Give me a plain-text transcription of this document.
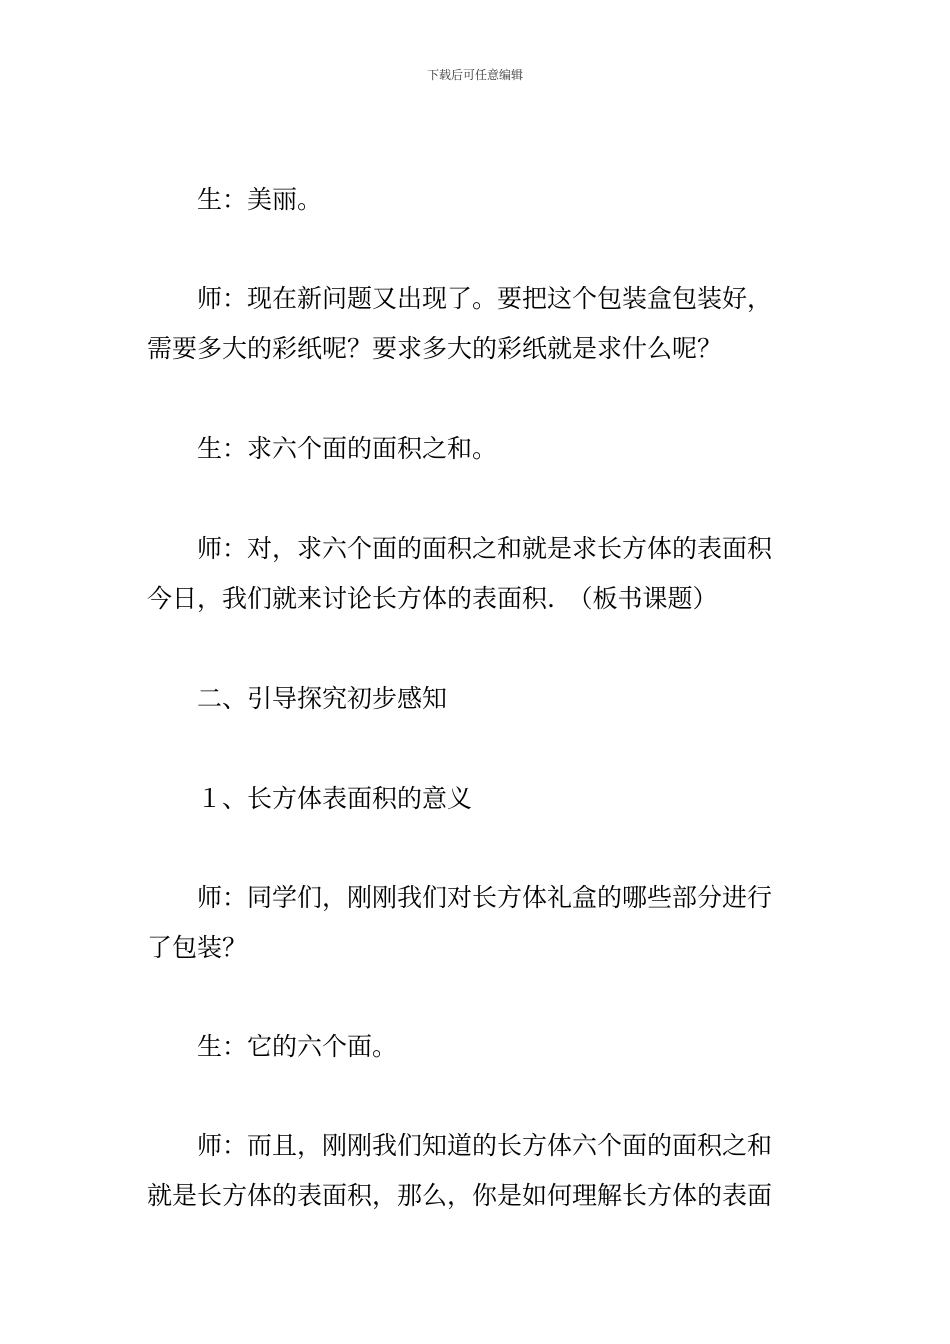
下载后可任意编辑
生：美丽。
师：现在新问题又出现了。要把这个包装盒包装好，
需要多大的彩纸呢？要求多大的彩纸就是求什么呢？
生：求六个面的面积之和。
师：对，求六个面的面积之和就是求长方体的表面积
今日，我们就来讨论长方体的表面积.　（板书课题）
二、引导探究初步感知
１、长方体表面积的意义
师：同学们，刚刚我们对长方体礼盒的哪些部分进行
了包装？
生：它的六个面。
师：而且，刚刚我们知道的长方体六个面的面积之和
就是长方体的表面积，那么，你是如何理解长方体的表面
